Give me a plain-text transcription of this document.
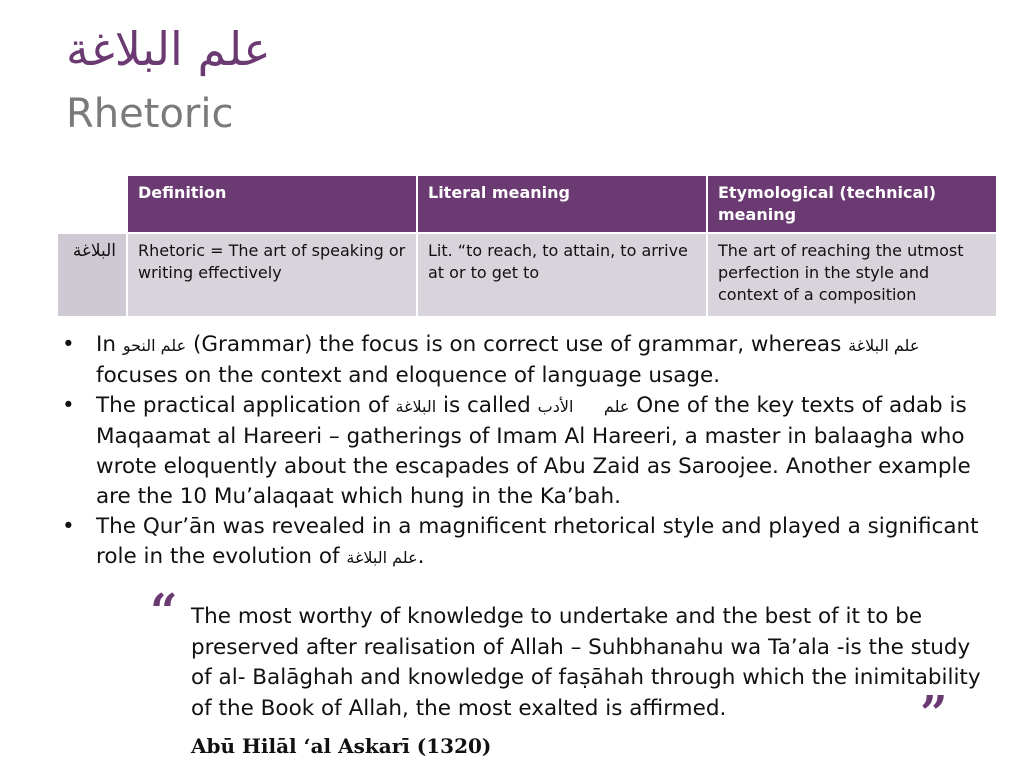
علم البلاغة
Rhetoric
	Definition	Literal meaning	Etymological (technical) meaning
البلاغة	Rhetoric = The art of speaking or writing effectively	Lit. “to reach, to attain, to arrive at or to get to	The art of reaching the utmost perfection in the style and context of a composition
• In علم النحو (Grammar) the focus is on correct use of grammar, whereas علم البلاغة focuses on the context and eloquence of language usage.
• The practical application of البلاغة is called علم      الأدب One of the key texts of adab is Maqaamat al Hareeri – gatherings of Imam Al Hareeri, a master in balaagha who wrote eloquently about the escapades of Abu Zaid as Saroojee. Another example are the 10 Mu’alaqaat which hung in the Ka’bah.
• The Qur’ān was revealed in a magnificent rhetorical style and played a significant role in the evolution of علم البلاغة.
“ The most worthy of knowledge to undertake and the best of it to be preserved after realisation of Allah – Suhbhanahu wa Ta’ala -is the study of al- Balāghah and knowledge of faṣāhah through which the inimitability of the Book of Allah, the most exalted is affirmed.	”
Abū Hilāl ‘al Askarī (1320)
